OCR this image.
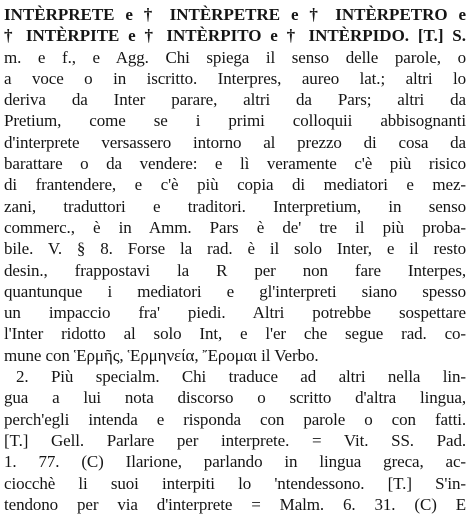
INTÈRPRETE e † INTÈRPETRE e † INTÈRPETRO e
† INTÈRPITE e † INTÈRPITO e † INTÈRPIDO. [T.] S.
m. e f., e Agg. Chi spiega il senso delle parole, o
a voce o in iscritto. Interpres, aureo lat.; altri lo
deriva da Inter parare, altri da Pars; altri da
Pretium, come se i primi colloquii abbisognanti
d'interprete versassero intorno al prezzo di cosa da
barattare o da vendere: e lì veramente c'è più risico
di frantendere, e c'è più copia di mediatori e mez-
zani, traduttori e traditori. Interpretium, in senso
commerc., è in Amm. Pars è de' tre il più proba-
bile. V. § 8. Forse la rad. è il solo Inter, e il resto
desin., frappostavi la R per non fare Interpes,
quantunque i mediatori e gl'interpreti siano spesso
un impaccio fra' piedi. Altri potrebbe sospettare
l'Inter ridotto al solo Int, e l'er che segue rad. co-
mune con Ἑρμῆς, Ἑρμηνεία, Ἔρομαι il Verbo.
2. Più specialm. Chi traduce ad altri nella lin-
gua a lui nota discorso o scritto d'altra lingua,
perch'egli intenda e risponda con parole o con fatti.
[T.] Gell. Parlare per interprete. = Vit. SS. Pad.
1. 77. (C) Ilarione, parlando in lingua greca, ac-
ciocchè li suoi interpiti lo 'ntendessono. [T.] S'in-
tendono per via d'interprete = Malm. 6. 31. (C) E
